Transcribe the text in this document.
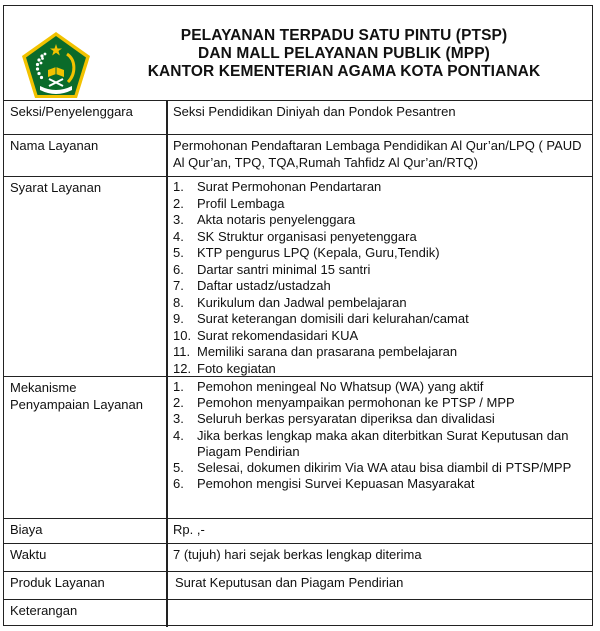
PELAYANAN TERPADU SATU PINTU (PTSP)
DAN MALL PELAYANAN PUBLIK (MPP)
KANTOR KEMENTERIAN AGAMA KOTA PONTIANAK
Seksi/Penyelenggara	Seksi Pendidikan Diniyah dan Pondok Pesantren
Nama Layanan	Permohonan Pendaftaran Lembaga Pendidikan Al Qur’an/LPQ ( PAUD Al Qur’an, TPQ, TQA,Rumah Tahfidz Al Qur’an/RTQ)
Syarat Layanan	1. Surat Permohonan Pendartaran
2. Profil Lembaga
3. Akta notaris penyelenggara
4. SK Struktur organisasi penyetenggara
5. KTP pengurus LPQ (Kepala, Guru,Tendik)
6. Dartar santri minimal 15 santri
7. Daftar ustadz/ustadzah
8. Kurikulum dan Jadwal pembelajaran
9. Surat keterangan domisili dari kelurahan/camat
10. Surat rekomendasidari KUA
11. Memiliki sarana dan prasarana pembelajaran
12. Foto kegiatan
Mekanisme
Penyampaian Layanan
1. Pemohon meningeal No Whatsup (WA) yang aktif
2. Pemohon menyampaikan permohonan ke PTSP / MPP
3. Seluruh berkas persyaratan diperiksa dan divalidasi
4. Jika berkas lengkap maka akan diterbitkan Surat Keputusan dan Piagam Pendirian
5. Selesai, dokumen dikirim Via WA atau bisa diambil di PTSP/MPP
6. Pemohon mengisi Survei Kepuasan Masyarakat
Biaya	Rp. ,-
Waktu	7 (tujuh) hari sejak berkas lengkap diterima
Produk Layanan	Surat Keputusan dan Piagam Pendirian
Keterangan
